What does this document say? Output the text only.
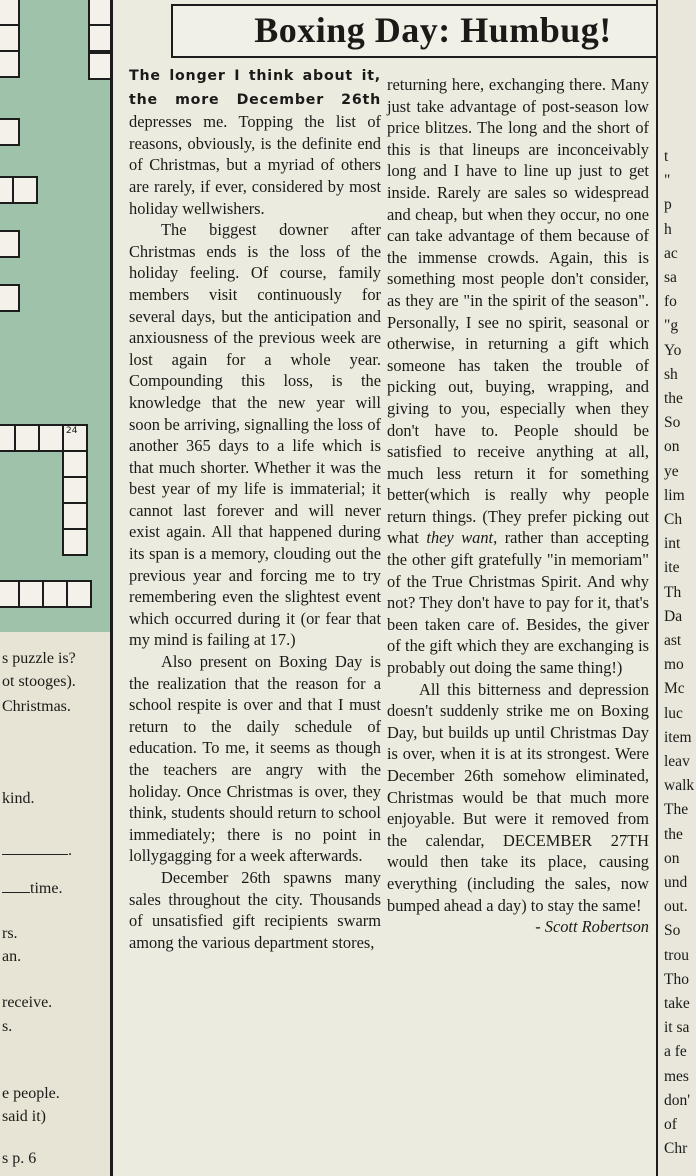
24
s puzzle is?
ot stooges).
Christmas.
kind.
.
time.
rs.
an.
receive.
s.
e people.
said it)
s p. 6
Boxing Day: Humbug!

The longer I think about it, the more December 26th depresses me. Topping the list of reasons, obviously, is the definite end of Christmas, but a myriad of others are rarely, if ever, considered by most holiday wellwishers.

The biggest downer after Christmas ends is the loss of the holiday feeling. Of course, family members visit continuously for several days, but the anticipation and anxiousness of the previous week are lost again for a whole year. Compounding this loss, is the knowledge that the new year will soon be arriving, signalling the loss of another 365 days to a life which is that much shorter. Whether it was the best year of my life is immaterial; it cannot last forever and will never exist again. All that happened during its span is a memory, clouding out the previous year and forcing me to try remembering even the slightest event which occurred during it (or fear that my mind is failing at 17.)

Also present on Boxing Day is the realization that the reason for a school respite is over and that I must return to the daily schedule of education. To me, it seems as though the teachers are angry with the holiday. Once Christmas is over, they think, students should return to school immediately; there is no point in lollygagging for a week afterwards.

December 26th spawns many sales throughout the city. Thousands of unsatisfied gift recipients swarm among the various department stores,

returning here, exchanging there. Many just take advantage of post-season low price blitzes. The long and the short of this is that lineups are inconceivably long and I have to line up just to get inside. Rarely are sales so widespread and cheap, but when they occur, no one can take advantage of them because of the immense crowds. Again, this is something most people don't consider, as they are "in the spirit of the season". Personally, I see no spirit, seasonal or otherwise, in returning a gift which someone has taken the trouble of picking out, buying, wrapping, and giving to you, especially when they don't have to. People should be satisfied to receive anything at all, much less return it for something better(which is really why people return things. (They prefer picking out what they want, rather than accepting the other gift gratefully "in memoriam" of the True Christmas Spirit. And why not? They don't have to pay for it, that's been taken care of. Besides, the giver of the gift which they are exchanging is probably out doing the same thing!)

All this bitterness and depression doesn't suddenly strike me on Boxing Day, but builds up until Christmas Day is over, when it is at its strongest. Were December 26th somehow eliminated, Christmas would be that much more enjoyable. But were it removed from the calendar, DECEMBER 27TH would then take its place, causing everything (including the sales, now bumped ahead a day) to stay the same!

- Scott Robertson

t
"
p
h
ac
sa
fo
"g
Yo
sh
the
So
on
ye
lim
Ch
int
ite
Th
Da
ast
mo
Mc
luc
item
leav
walk
The
the
on
und
out.
So
trou
Tho
take
it sa
a fe
mes
don'
of
Chr
